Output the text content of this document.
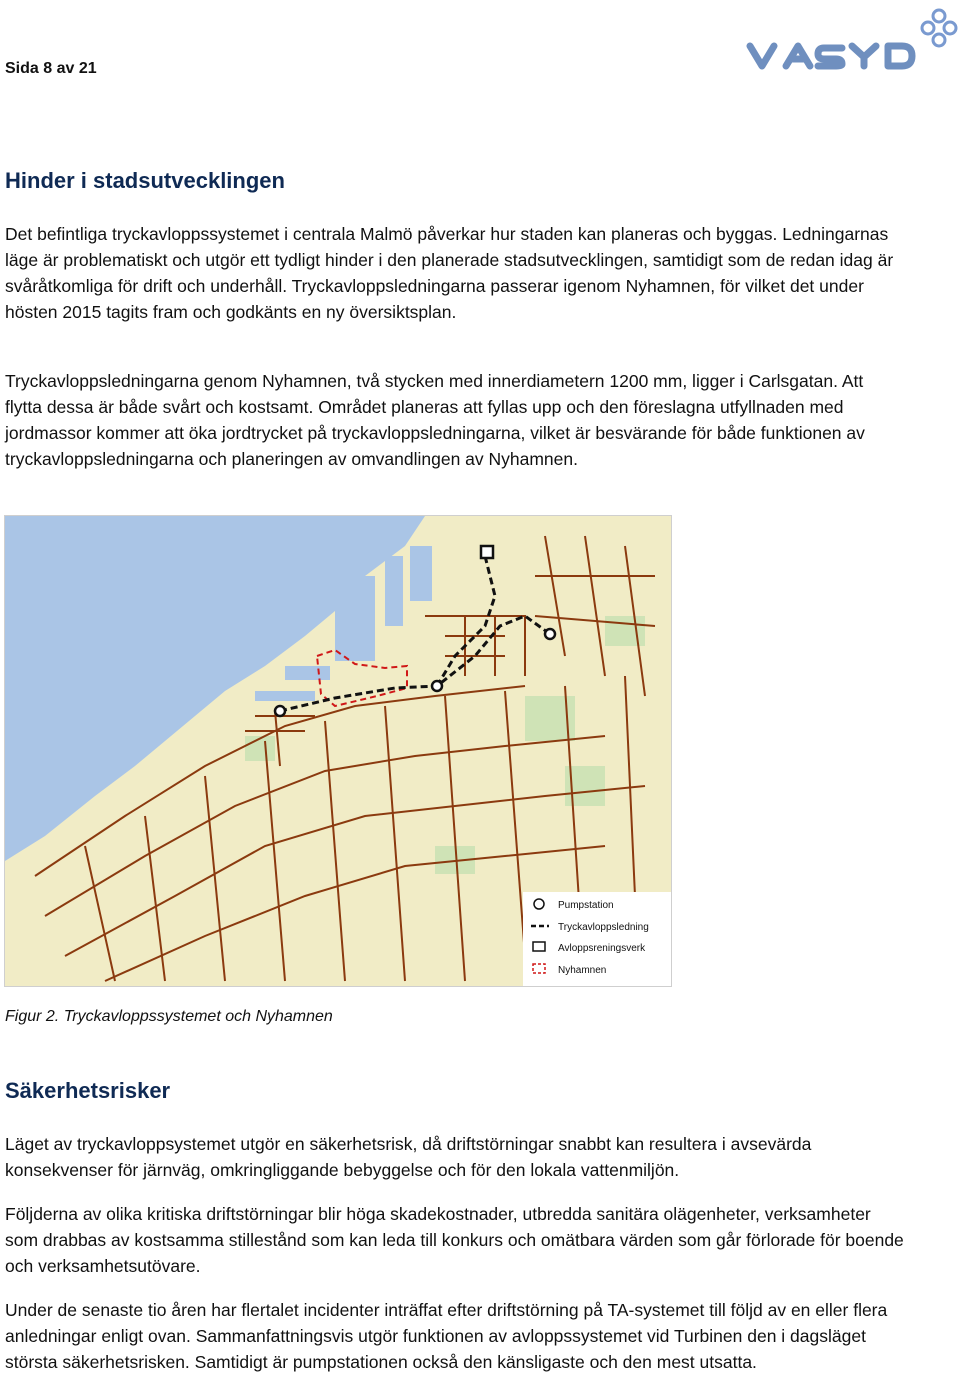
Sida 8 av 21
Hinder i stadsutvecklingen

Det befintliga tryckavloppssystemet i centrala Malmö påverkar hur staden kan planeras och byggas. Ledningarnas läge är problematiskt och utgör ett tydligt hinder i den planerade stadsutvecklingen, samtidigt som de redan idag är svåråtkomliga för drift och underhåll. Tryckavloppsledningarna passerar igenom Nyhamnen, för vilket det under hösten 2015 tagits fram och godkänts en ny översiktsplan.

Tryckavloppsledningarna genom Nyhamnen, två stycken med innerdiametern 1200 mm, ligger i Carlsgatan. Att flytta dessa är både svårt och kostsamt. Området planeras att fyllas upp och den föreslagna utfyllnaden med jordmassor kommer att öka jordtrycket på tryckavloppsledningarna, vilket är besvärande för både funktionen av tryckavloppsledningarna och planeringen av omvandlingen av Nyhamnen.

Pumpstation
Tryckavloppsledning
Avloppsreningsverk
Nyhamnen
Figur 2. Tryckavloppssystemet och Nyhamnen
Säkerhetsrisker

Läget av tryckavloppsystemet utgör en säkerhetsrisk, då driftstörningar snabbt kan resultera i avsevärda konsekvenser för järnväg, omkringliggande bebyggelse och för den lokala vattenmiljön.

Följderna av olika kritiska driftstörningar blir höga skadekostnader, utbredda sanitära olägenheter, verksamheter som drabbas av kostsamma stillestånd som kan leda till konkurs och omätbara värden som går förlorade för boende och verksamhetsutövare.

Under de senaste tio åren har flertalet incidenter inträffat efter driftstörning på TA-systemet till följd av en eller flera anledningar enligt ovan. Sammanfattningsvis utgör funktionen av avloppssystemet vid Turbinen den i dagsläget största säkerhetsrisken. Samtidigt är pumpstationen också den känsligaste och den mest utsatta.
